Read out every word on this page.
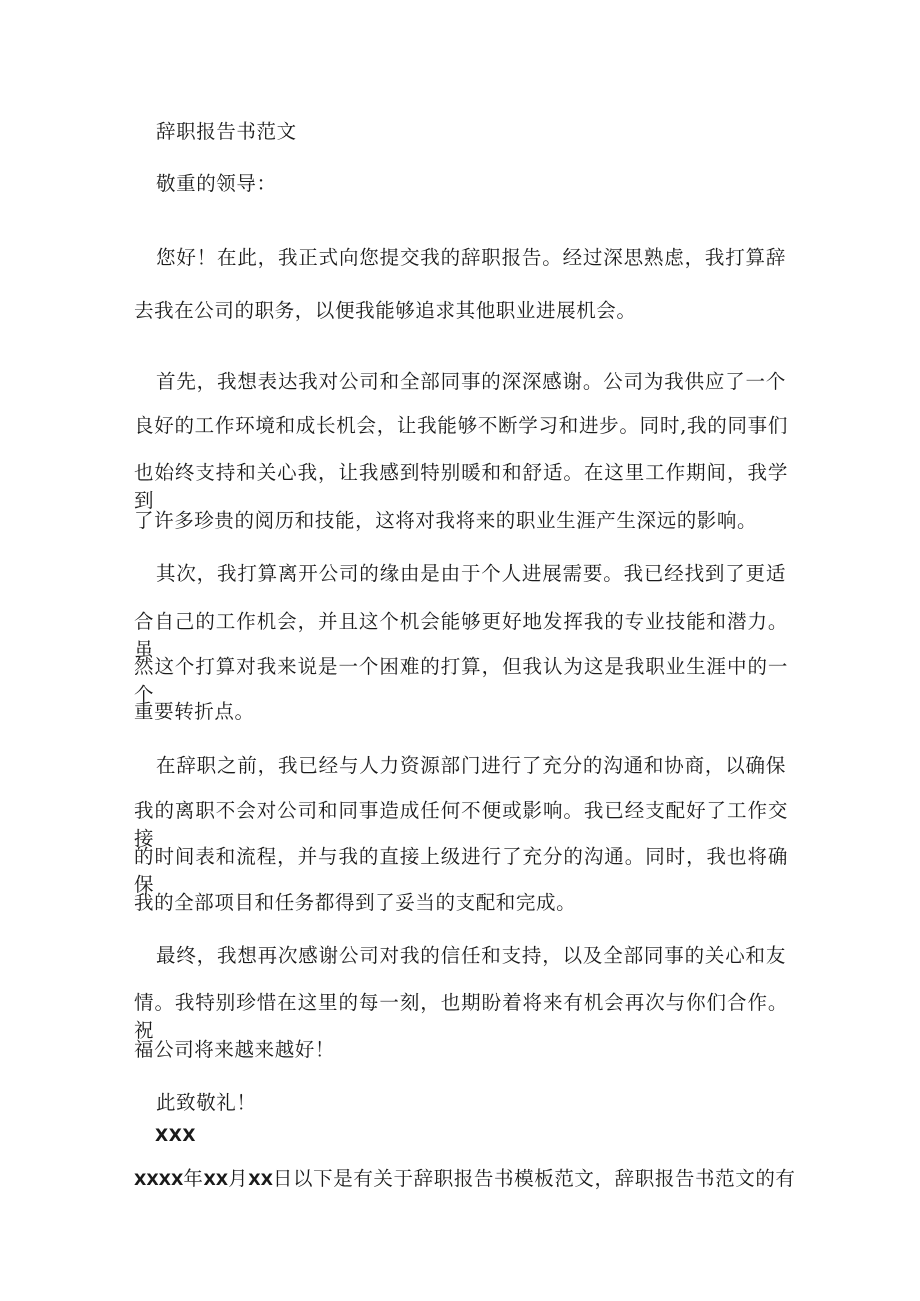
辞职报告书范文
敬重的领导：
您好！在此，我正式向您提交我的辞职报告。经过深思熟虑，我打算辞
去我在公司的职务，以便我能够追求其他职业进展机会。
首先，我想表达我对公司和全部同事的深深感谢。公司为我供应了一个
良好的工作环境和成长机会，让我能够不断学习和进步。同时,我的同事们
也始终支持和关心我，让我感到特别暖和和舒适。在这里工作期间，我学到
了许多珍贵的阅历和技能，这将对我将来的职业生涯产生深远的影响。
其次，我打算离开公司的缘由是由于个人进展需要。我已经找到了更适
合自己的工作机会，并且这个机会能够更好地发挥我的专业技能和潜力。虽
然这个打算对我来说是一个困难的打算，但我认为这是我职业生涯中的一个
重要转折点。
在辞职之前，我已经与人力资源部门进行了充分的沟通和协商，以确保
我的离职不会对公司和同事造成任何不便或影响。我已经支配好了工作交接
的时间表和流程，并与我的直接上级进行了充分的沟通。同时，我也将确保
我的全部项目和任务都得到了妥当的支配和完成。
最终，我想再次感谢公司对我的信任和支持，以及全部同事的关心和友
情。我特别珍惜在这里的每一刻，也期盼着将来有机会再次与你们合作。祝
福公司将来越来越好！
此致敬礼！
XXX
XXXX年XX月XX日以下是有关于辞职报告书模板范文，辞职报告书范文的有
